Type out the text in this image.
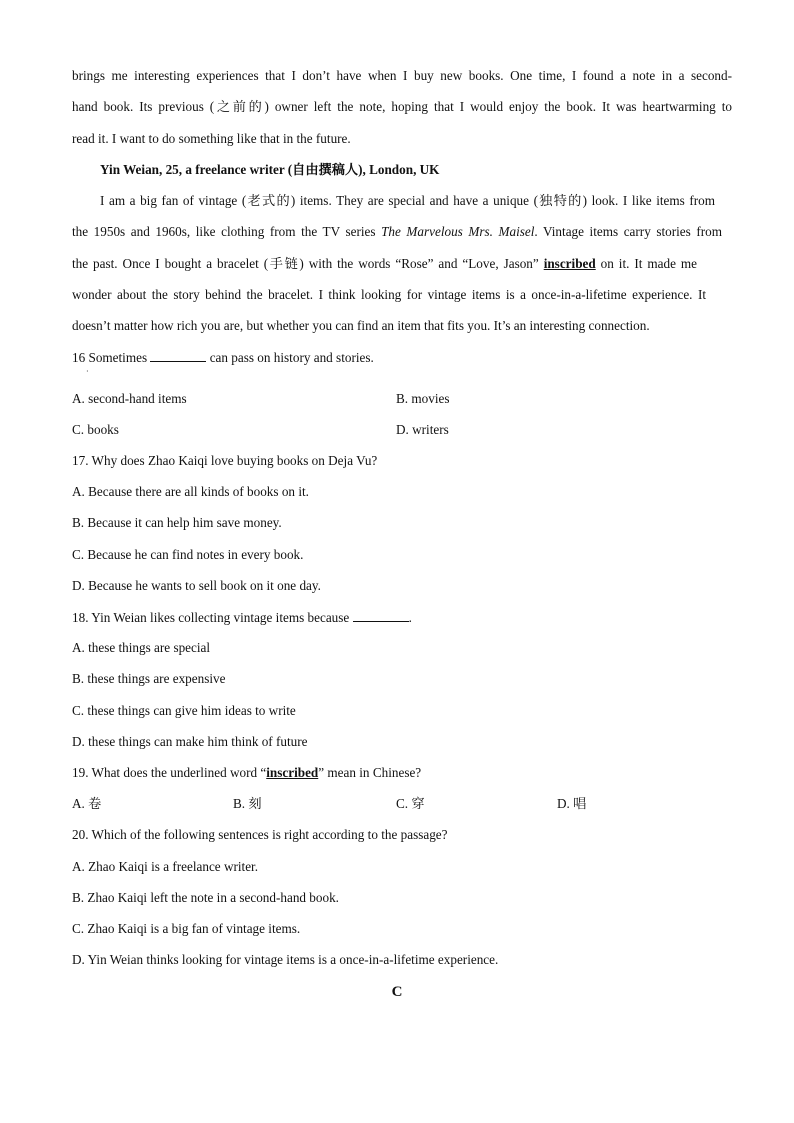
brings me interesting experiences that I don’t have when I buy new books. One time, I found a note in a second-
hand book. Its previous (之前的) owner left the note, hoping that I would enjoy the book. It was heartwarming to
read it. I want to do something like that in the future.
Yin Weian, 25, a freelance writer (自由撰稿人), London, UK
I am a big fan of vintage (老式的) items. They are special and have a unique (独特的) look. I like items from
the 1950s and 1960s, like clothing from the TV series The Marvelous Mrs. Maisel. Vintage items carry stories from
the past. Once I bought a bracelet (手链) with the words “Rose” and “Love, Jason” inscribed on it. It made me
wonder about the story behind the bracelet. I think looking for vintage items is a once-in-a-lifetime experience. It
doesn’t matter how rich you are, but whether you can find an item that fits you. It’s an interesting connection.
16 Sometimes	can pass on history and stories.
·
A. second-hand items	B. movies
C. books	D. writers
17. Why does Zhao Kaiqi love buying books on Deja Vu?
A. Because there are all kinds of books on it.
B. Because it can help him save money.
C. Because he can find notes in every book.
D. Because he wants to sell book on it one day.
18. Yin Weian likes collecting vintage items because	.
A. these things are special
B. these things are expensive
C. these things can give him ideas to write
D. these things can make him think of future
19. What does the underlined word “inscribed” mean in Chinese?
A. 卷	B. 刻	C. 穿	D. 唱
20. Which of the following sentences is right according to the passage?
A. Zhao Kaiqi is a freelance writer.
B. Zhao Kaiqi left the note in a second-hand book.
C. Zhao Kaiqi is a big fan of vintage items.
D. Yin Weian thinks looking for vintage items is a once-in-a-lifetime experience.
C
